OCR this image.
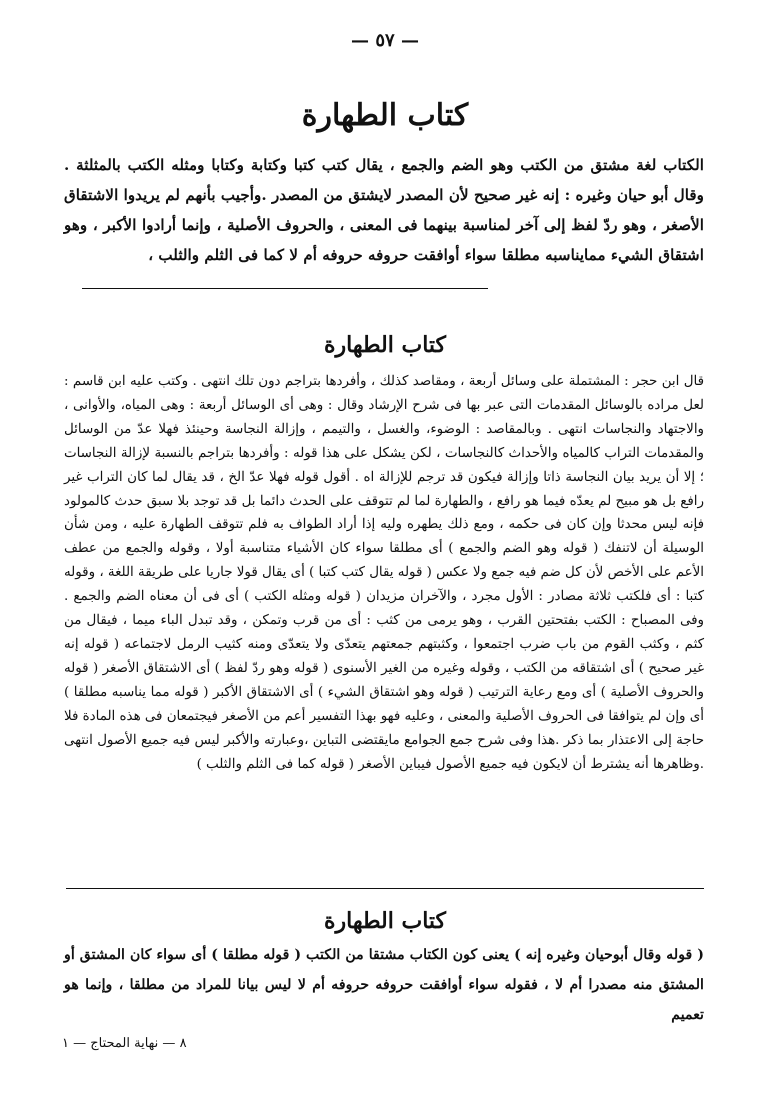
— ٥٧ —
كتاب الطهارة

الكتاب لغة مشتق من الكتب وهو الضم والجمع ، يقال كتب كتبا وكتابة وكتابا ومثله الكتب بالمثلثة . وقال أبو حيان وغيره : إنه غير صحيح لأن المصدر لايشتق من المصدر .وأجيب بأنهم لم يريدوا الاشتقاق الأصغر ، وهو ردّ لفظ إلى آخر لمناسبة بينهما فى المعنى ، والحروف الأصلية ، وإنما أرادوا الأكبر ، وهو اشتقاق الشيء ممايناسبه مطلقا سواء أوافقت حروفه حروفه أم لا كما فى الثلم والثلب ،

كتاب الطهارة

قال ابن حجر : المشتملة على وسائل أربعة ، ومقاصد كذلك ، وأفردها بتراجم دون تلك انتهى . وكتب عليه ابن قاسم : لعل مراده بالوسائل المقدمات التى عبر بها فى شرح الإرشاد وقال : وهى أى الوسائل أربعة : وهى المياه، والأوانى ، والاجتهاد والنجاسات انتهى . وبالمقاصد : الوضوء، والغسل ، والتيمم ، وإزالة النجاسة وحينئذ فهلا عدّ من الوسائل والمقدمات التراب كالمياه والأحداث كالنجاسات ، لكن يشكل على هذا قوله : وأفردها بتراجم بالنسبة لإزالة النجاسات ؛ إلا أن يريد بيان النجاسة ذاتا وإزالة فيكون قد ترجم للإزالة اه . أقول قوله فهلا عدّ الخ ، قد يقال لما كان التراب غير رافع بل هو مبيح لم يعدّه فيما هو رافع ، والطهارة لما لم تتوقف على الحدث دائما بل قد توجد بلا سبق حدث كالمولود فإنه ليس محدثا وإن كان فى حكمه ، ومع ذلك يطهره وليه إذا أراد الطواف به فلم تتوقف الطهارة عليه ، ومن شأن الوسيلة أن لاتنفك ( قوله وهو الضم والجمع ) أى مطلقا سواء كان الأشياء متناسبة أولا ، وقوله والجمع من عطف الأعم على الأخص لأن كل ضم فيه جمع ولا عكس ( قوله يقال كتب كتبا ) أى يقال قولا جاريا على طريقة اللغة ، وقوله كتبا : أى فلكتب ثلاثة مصادر : الأول مجرد ، والآخران مزيدان ( قوله ومثله الكتب ) أى فى أن معناه الضم والجمع . وفى المصباح : الكتب بفتحتين القرب ، وهو يرمى من كثب : أى من قرب وتمكن ، وقد تبدل الباء ميما ، فيقال من كثم ، وكثب القوم من باب ضرب اجتمعوا ، وكثبتهم جمعتهم يتعدّى ولا يتعدّى ومنه كثيب الرمل لاجتماعه ( قوله إنه غير صحيح ) أى اشتقاقه من الكتب ، وقوله وغيره من الغير الأسنوى ( قوله وهو ردّ لفظ ) أى الاشتقاق الأصغر ( قوله والحروف الأصلية ) أى ومع رعاية الترتيب ( قوله وهو اشتقاق الشيء ) أى الاشتقاق الأكبر ( قوله مما يناسبه مطلقا ) أى وإن لم يتوافقا فى الحروف الأصلية والمعنى ، وعليه فهو بهذا التفسير أعم من الأصغر فيجتمعان فى هذه المادة فلا حاجة إلى الاعتذار بما ذكر .هذا وفى شرح جمع الجوامع مايقتضى التباين ،وعبارته والأكبر ليس فيه جميع الأصول انتهى .وظاهرها أنه يشترط أن لايكون فيه جميع الأصول فيباين الأصغر ( قوله كما فى الثلم والثلب )

كتاب الطهارة

( قوله وقال أبوحيان وغيره إنه ) يعنى كون الكتاب مشتقا من الكتب ( قوله مطلقا ) أى سواء كان المشتق أو المشتق منه مصدرا أم لا ، فقوله سواء أوافقت حروفه حروفه أم لا ليس بيانا للمراد من مطلقا ، وإنما هو تعميم

٨ — نهاية المحتاج — ١
